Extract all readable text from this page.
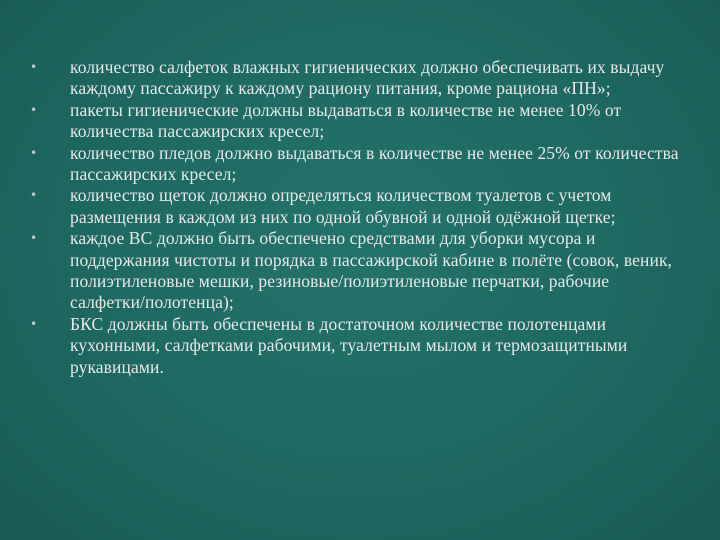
•	количество салфеток влажных гигиенических должно обеспечивать их выдачу каждому пассажиру к каждому рациону питания, кроме рациона «ПН»;
•	пакеты гигиенические должны выдаваться в количестве не менее 10% от количества пассажирских кресел;
•	количество пледов должно выдаваться в количестве не менее 25% от количества пассажирских кресел;
•	количество щеток должно определяться количеством туалетов с учетом размещения в каждом из них по одной обувной и одной одёжной щетке;
•	каждое ВС должно быть обеспечено средствами для уборки мусора и поддержания чистоты и порядка в пассажирской кабине в полёте (совок, веник, полиэтиленовые мешки, резиновые/полиэтиленовые перчатки, рабочие салфетки/полотенца);
•	БКС должны быть обеспечены в достаточном количестве полотенцами кухонными, салфетками рабочими, туалетным мылом и термозащитными рукавицами.
